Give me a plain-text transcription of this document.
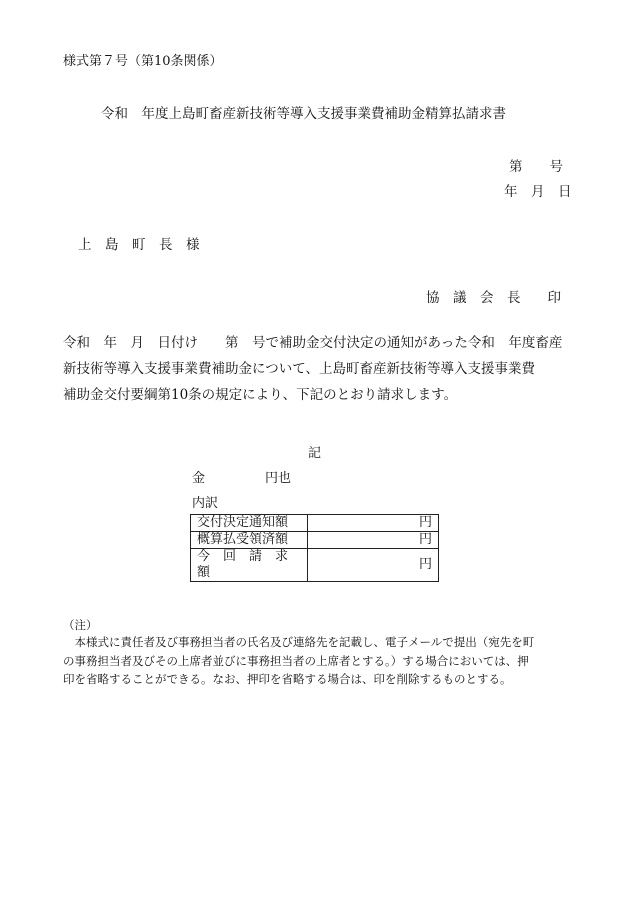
様式第７号（第10条関係）
令和　年度上島町畜産新技術等導入支援事業費補助金精算払請求書
第　　号
年　月　日
上　島　町　長　様
協　議　会　長　　印
令和　年　月　日付け　　第　号で補助金交付決定の通知があった令和　年度畜産
新技術等導入支援事業費補助金について、上島町畜産新技術等導入支援事業費
補助金交付要綱第10条の規定により、下記のとおり請求します。
記
金	円也
内訳
交付決定通知額	円
概算払受領済額	円
今　回　請　求　額	円
（注）
　本様式に責任者及び事務担当者の氏名及び連絡先を記載し、電子メールで提出（宛先を町
の事務担当者及びその上席者並びに事務担当者の上席者とする。）する場合においては、押
印を省略することができる。なお、押印を省略する場合は、印を削除するものとする。
